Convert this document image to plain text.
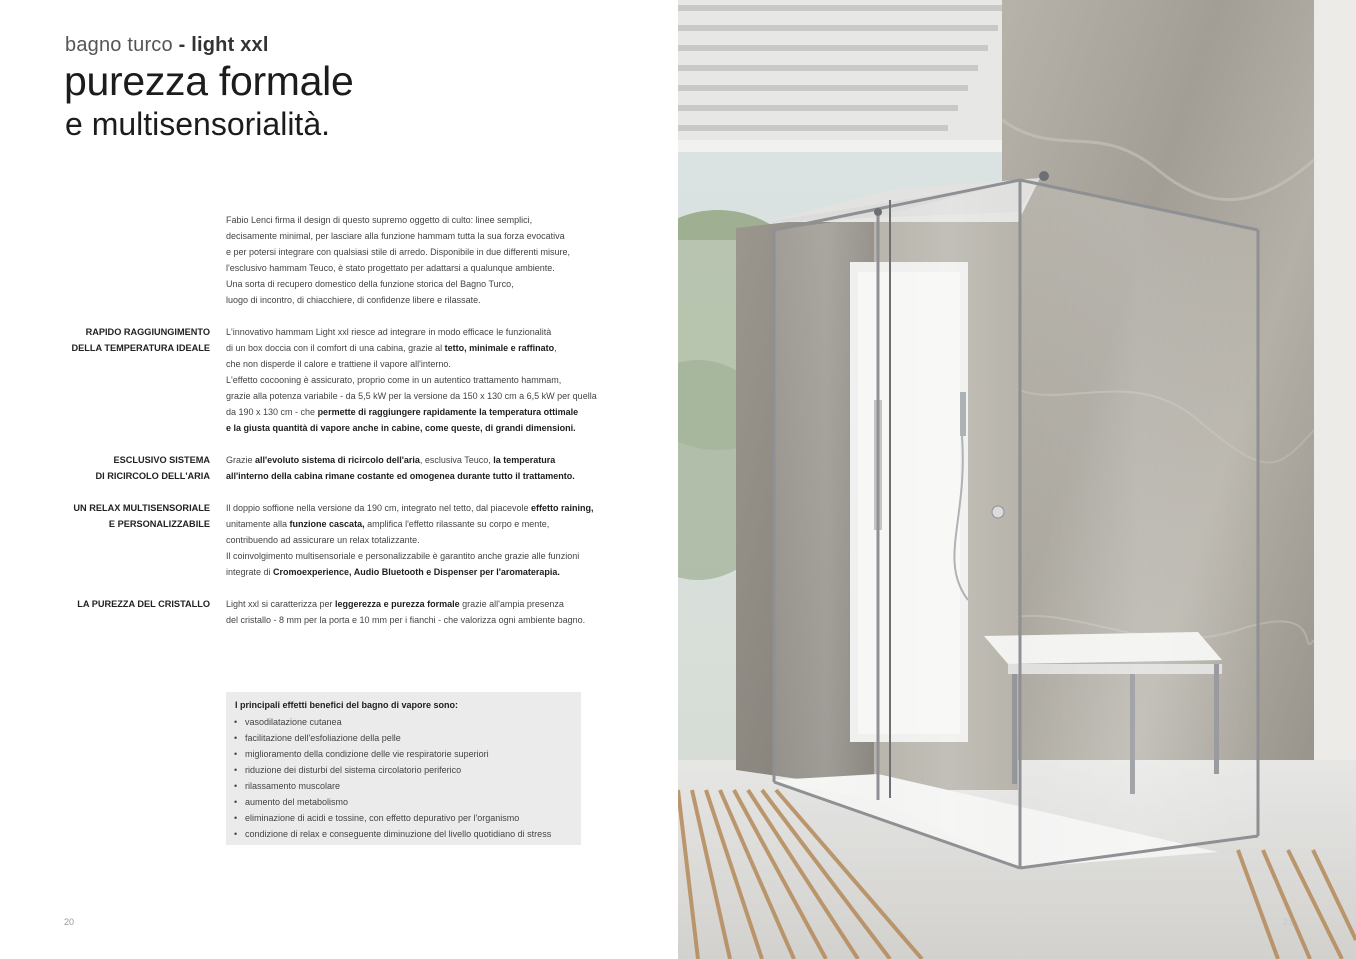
bagno turco - light xxl
purezza formale
e multisensorialità.
Fabio Lenci firma il design di questo supremo oggetto di culto: linee semplici,
decisamente minimal, per lasciare alla funzione hammam tutta la sua forza evocativa
e per potersi integrare con qualsiasi stile di arredo. Disponibile in due differenti misure,
l'esclusivo hammam Teuco, è stato progettato per adattarsi a qualunque ambiente.
Una sorta di recupero domestico della funzione storica del Bagno Turco,
luogo di incontro, di chiacchiere, di confidenze libere e rilassate.
RAPIDO RAGGIUNGIMENTO
DELLA TEMPERATURA IDEALE
L'innovativo hammam Light xxl riesce ad integrare in modo efficace le funzionalità
di un box doccia con il comfort di una cabina, grazie al tetto, minimale e raffinato,
che non disperde il calore e trattiene il vapore all'interno.
L'effetto cocooning è assicurato, proprio come in un autentico trattamento hammam,
grazie alla potenza variabile - da 5,5 kW per la versione da 150 x 130 cm a 6,5 kW per quella
da 190 x 130 cm - che permette di raggiungere rapidamente la temperatura ottimale
e la giusta quantità di vapore anche in cabine, come queste, di grandi dimensioni.
ESCLUSIVO SISTEMA
DI RICIRCOLO DELL'ARIA
Grazie all'evoluto sistema di ricircolo dell'aria, esclusiva Teuco, la temperatura
all'interno della cabina rimane costante ed omogenea durante tutto il trattamento.
UN RELAX MULTISENSORIALE
E PERSONALIZZABILE
Il doppio soffione nella versione da 190 cm, integrato nel tetto, dal piacevole effetto raining,
unitamente alla funzione cascata, amplifica l'effetto rilassante su corpo e mente,
contribuendo ad assicurare un relax totalizzante.
Il coinvolgimento multisensoriale e personalizzabile è garantito anche grazie alle funzioni
integrate di Cromoexperience, Audio Bluetooth e Dispenser per l'aromaterapia.
LA PUREZZA DEL CRISTALLO Light xxl si caratterizza per leggerezza e purezza formale grazie all'ampia presenza
del cristallo - 8 mm per la porta e 10 mm per i fianchi - che valorizza ogni ambiente bagno.
I principali effetti benefici del bagno di vapore sono:
• vasodilatazione cutanea
• facilitazione dell'esfoliazione della pelle
• miglioramento della condizione delle vie respiratorie superiori
• riduzione dei disturbi del sistema circolatorio periferico
• rilassamento muscolare
• aumento del metabolismo
• eliminazione di acidi e tossine, con effetto depurativo per l'organismo
• condizione di relax e conseguente diminuzione del livello quotidiano di stress
20	21
